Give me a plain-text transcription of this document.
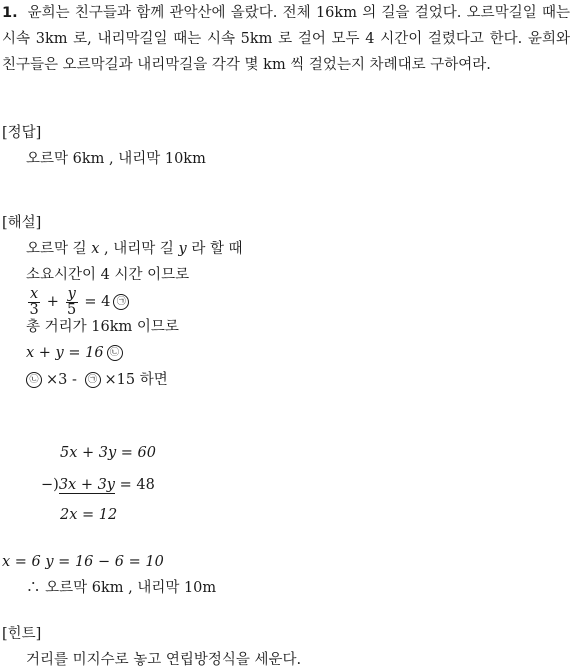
1. 윤희는 친구들과 함께 관악산에 올랐다. 전체 16km 의 길을 걸었다. 오르막길일 때는 시속 3km 로, 내리막길일 때는 시속 5km 로 걸어 모두 4 시간이 걸렸다고 한다. 윤희와 친구들은 오르막길과 내리막길을 각각 몇 km 씩 걸었는지 차례대로 구하여라.
[정답]
오르막 6km , 내리막 10km
[해설]
오르막 길 x , 내리막 길 y 라 할 때
소요시간이 4 시간 이므로
$\frac{x}{3} + \frac{y}{5} = 4$ ㉠
총 거리가 16km 이므로
x + y = 16 ㉡
㉡ ×3 - ㉠ ×15 하면
5x + 3y = 60
−)3x + 3y = 48
2x = 12
x = 6 y = 16 − 6 = 10
∴ 오르막 6km , 내리막 10m
[힌트]
거리를 미지수로 놓고 연립방정식을 세운다.
